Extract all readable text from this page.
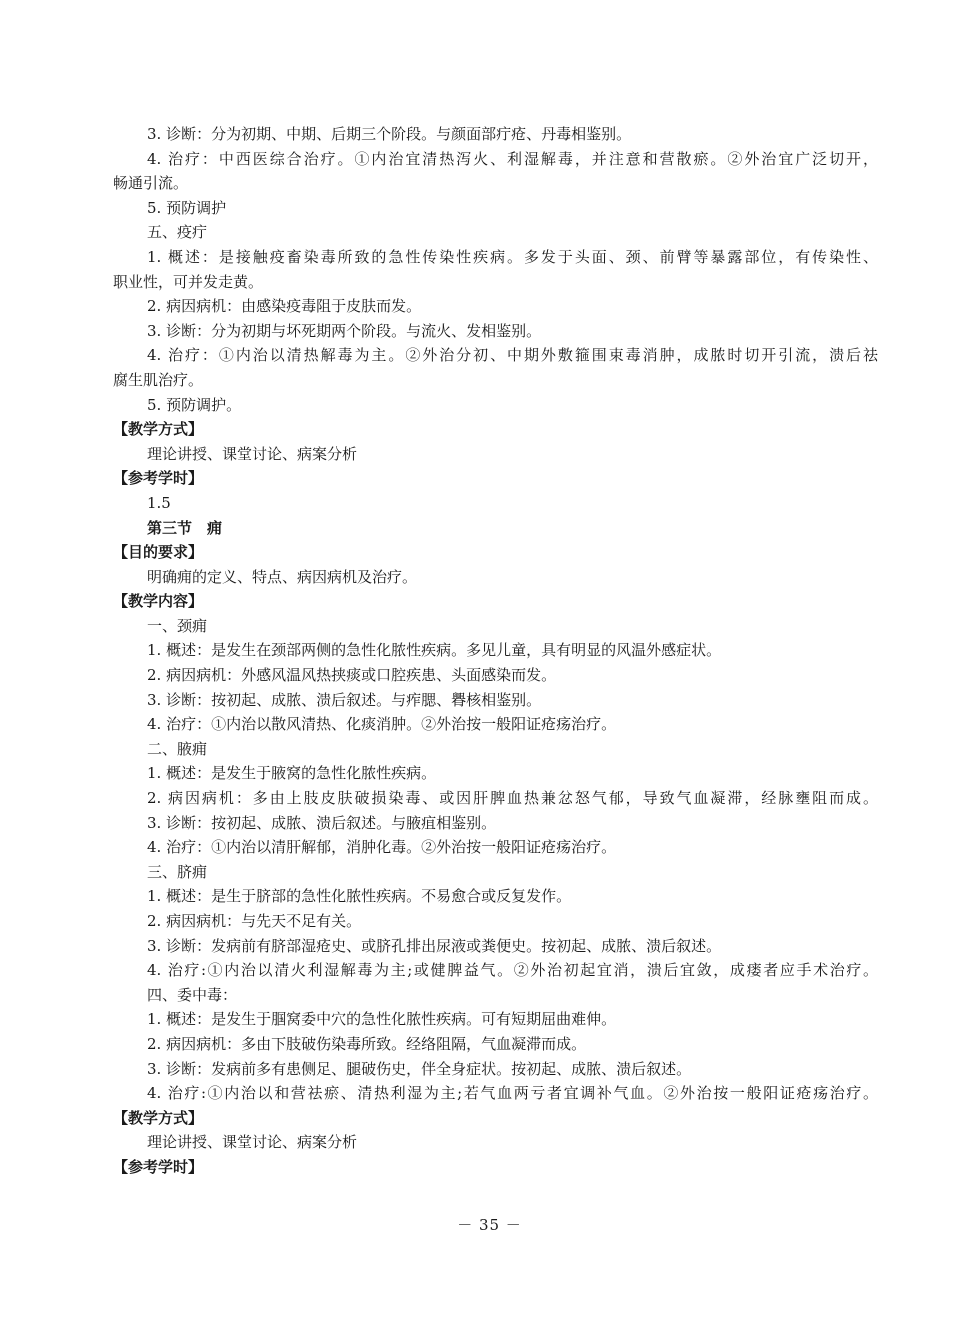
3. 诊断：分为初期、中期、后期三个阶段。与颜面部疔疮、丹毒相鉴别。
4. 治疗：中西医综合治疗。①内治宜清热泻火、利湿解毒，并注意和营散瘀。②外治宜广泛切开，
畅通引流。
5. 预防调护
五、疫疔
1. 概述：是接触疫畜染毒所致的急性传染性疾病。多发于头面、颈、前臂等暴露部位，有传染性、
职业性，可并发走黄。
2. 病因病机：由感染疫毒阻于皮肤而发。
3. 诊断：分为初期与坏死期两个阶段。与流火、发相鉴别。
4. 治疗：①内治以清热解毒为主。②外治分初、中期外敷箍围束毒消肿，成脓时切开引流，溃后祛
腐生肌治疗。
5. 预防调护。
【教学方式】
理论讲授、课堂讨论、病案分析
【参考学时】
1.5
第三节　痈
【目的要求】
明确痈的定义、特点、病因病机及治疗。
【教学内容】
一、颈痈
1. 概述：是发生在颈部两侧的急性化脓性疾病。多见儿童，具有明显的风温外感症状。
2. 病因病机：外感风温风热挟痰或口腔疾患、头面感染而发。
3. 诊断：按初起、成脓、溃后叙述。与痄腮、臖核相鉴别。
4. 治疗：①内治以散风清热、化痰消肿。②外治按一般阳证疮疡治疗。
二、腋痈
1. 概述：是发生于腋窝的急性化脓性疾病。
2. 病因病机：多由上肢皮肤破损染毒、或因肝脾血热兼忿怒气郁，导致气血凝滞，经脉壅阻而成。
3. 诊断：按初起、成脓、溃后叙述。与腋疽相鉴别。
4. 治疗：①内治以清肝解郁，消肿化毒。②外治按一般阳证疮疡治疗。
三、脐痈
1. 概述：是生于脐部的急性化脓性疾病。不易愈合或反复发作。
2. 病因病机：与先天不足有关。
3. 诊断：发病前有脐部湿疮史、或脐孔排出尿液或粪便史。按初起、成脓、溃后叙述。
4. 治疗:①内治以清火利湿解毒为主;或健脾益气。②外治初起宜消，溃后宜敛，成瘘者应手术治疗。
四、委中毒：
1. 概述：是发生于腘窝委中穴的急性化脓性疾病。可有短期屈曲难伸。
2. 病因病机：多由下肢破伤染毒所致。经络阻隔，气血凝滞而成。
3. 诊断：发病前多有患侧足、腿破伤史，伴全身症状。按初起、成脓、溃后叙述。
4. 治疗:①内治以和营祛瘀、清热利湿为主;若气血两亏者宜调补气血。②外治按一般阳证疮疡治疗。
【教学方式】
理论讲授、课堂讨论、病案分析
【参考学时】
－ 35 －
